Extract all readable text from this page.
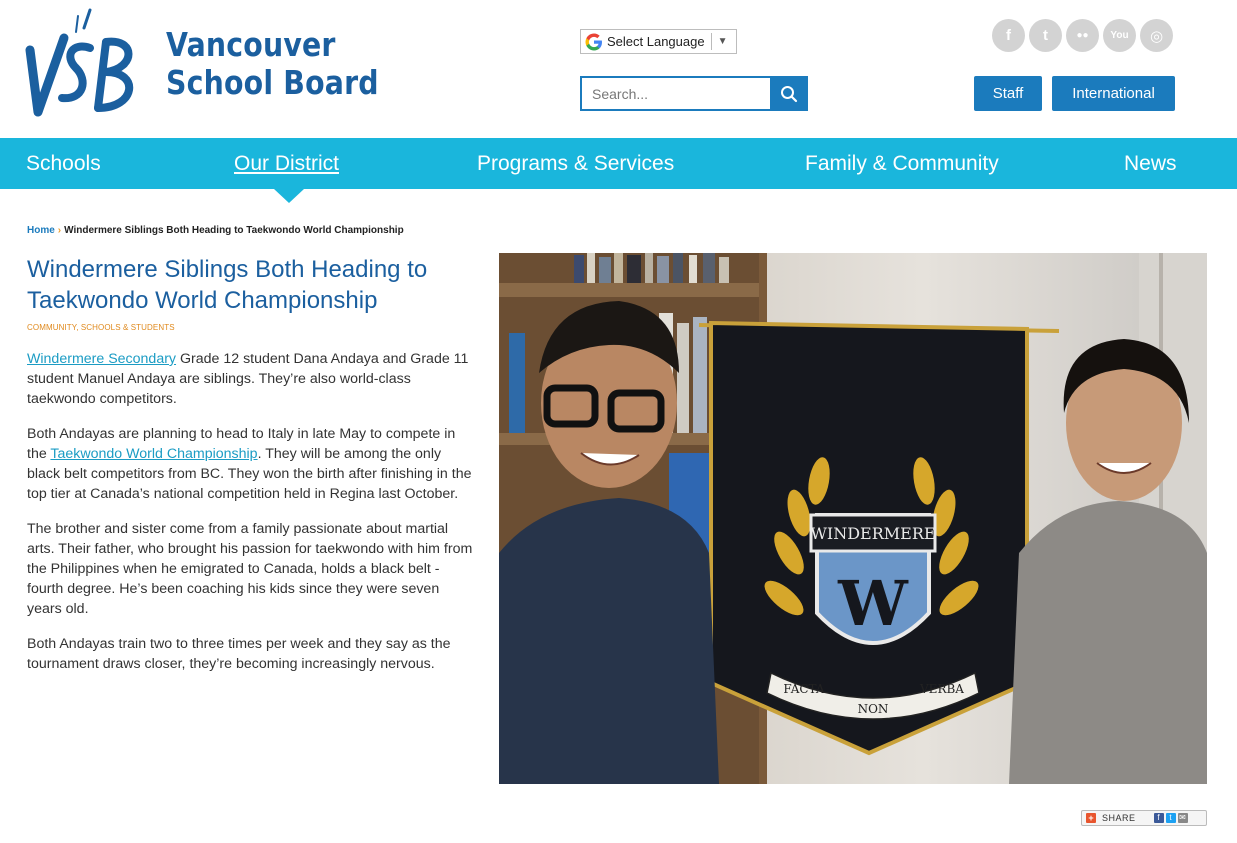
Vancouver
School Board
Select Language ▼
Search...	f	t	●●	You	◎
Staff	International
Schools	Our District	Programs & Services	Family & Community	News
Home › Windermere Siblings Both Heading to Taekwondo World Championship
Windermere Siblings Both Heading to Taekwondo World Championship
COMMUNITY, SCHOOLS & STUDENTS

Windermere Secondary Grade 12 student Dana Andaya and Grade 11 student Manuel Andaya are siblings. They’re also world-class taekwondo competitors.

Both Andayas are planning to head to Italy in late May to compete in the Taekwondo World Championship. They will be among the only black belt competitors from BC. They won the birth after finishing in the top tier at Canada’s national competition held in Regina last October.

The brother and sister come from a family passionate about martial arts. Their father, who brought his passion for taekwondo with him from the Philippines when he emigrated to Canada, holds a black belt - fourth degree. He’s been coaching his kids since they were seven years old.

Both Andayas train two to three times per week and they say as the tournament draws closer, they’re becoming increasingly nervous.

WINDERMERE
W
FACTA
NON
VERBA
+ SHARE	f	t ✉
